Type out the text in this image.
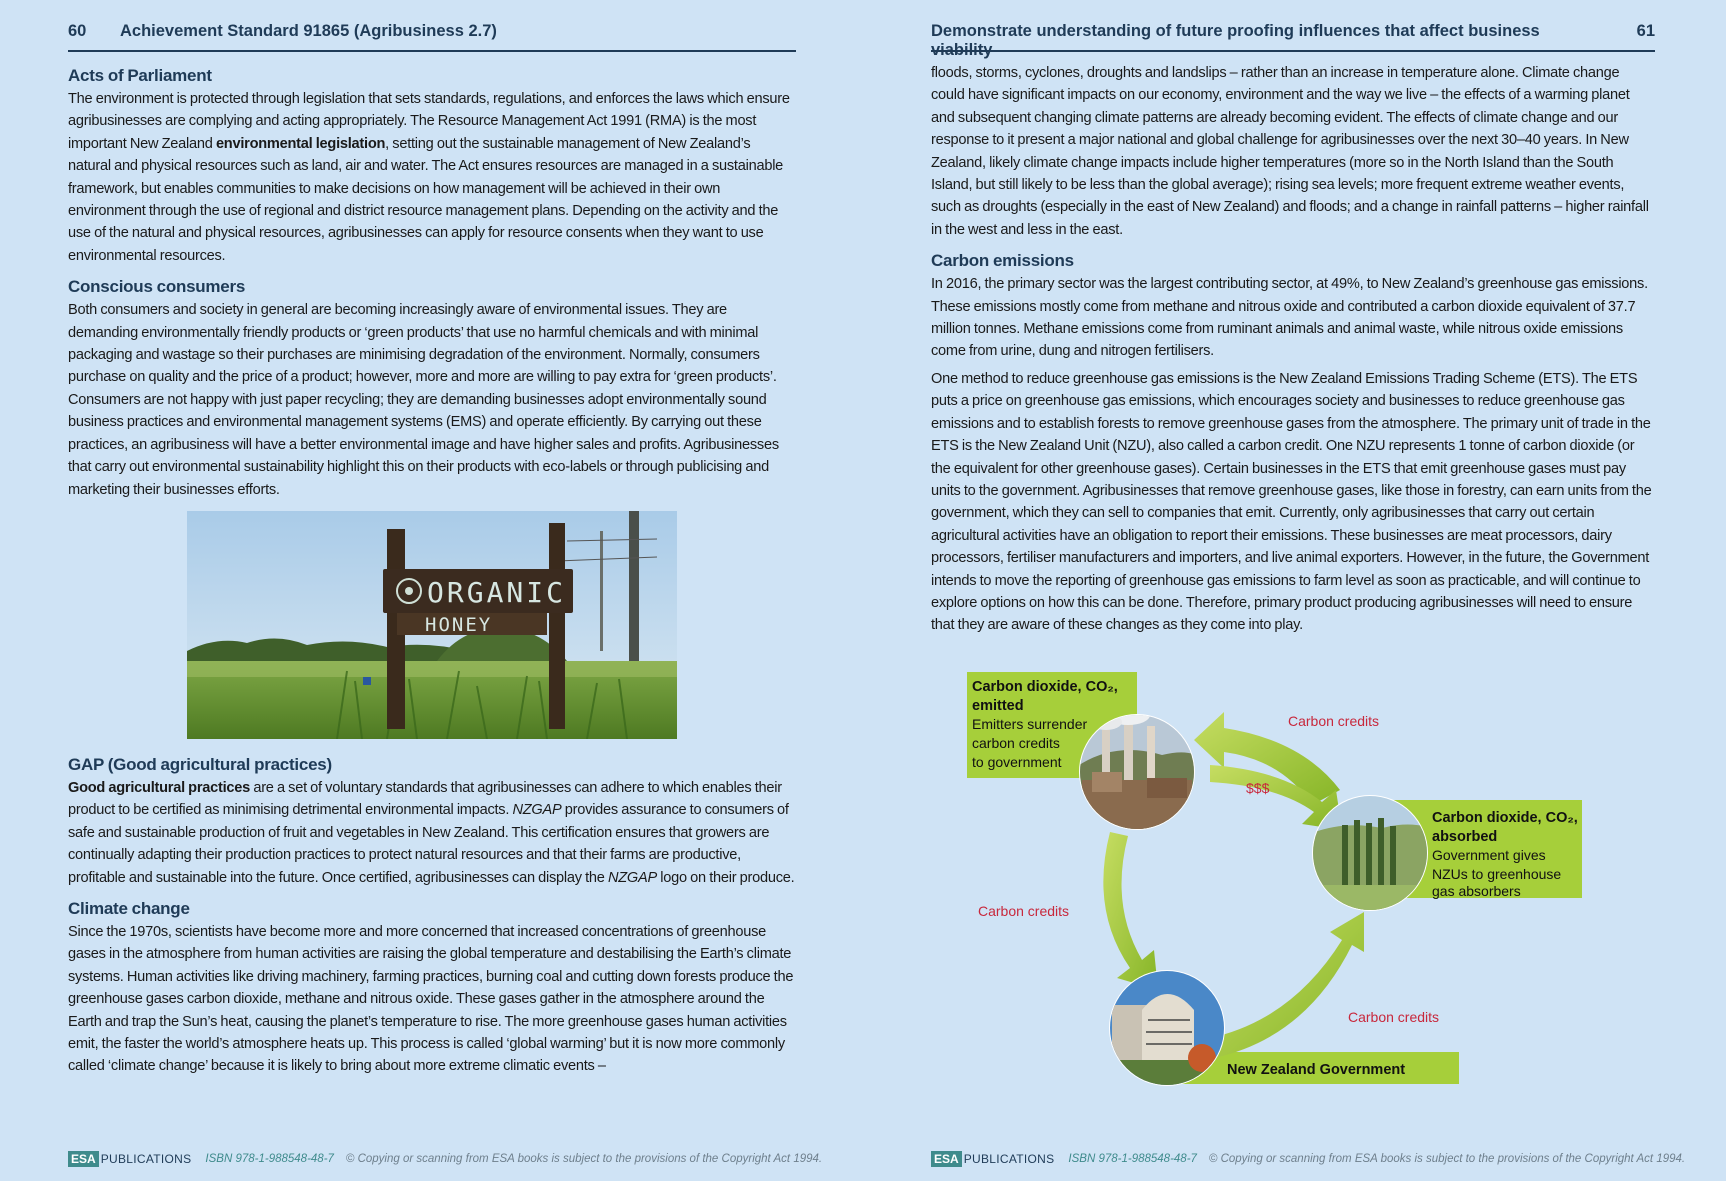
60 Achievement Standard 91865 (Agribusiness 2.7)
Acts of Parliament

The environment is protected through legislation that sets standards, regulations, and enforces the laws which ensure agribusinesses are complying and acting appropriately. The Resource Management Act 1991 (RMA) is the most important New Zealand environmental legislation, setting out the sustainable management of New Zealand’s natural and physical resources such as land, air and water. The Act ensures resources are managed in a sustainable framework, but enables communities to make decisions on how management will be achieved in their own environment through the use of regional and district resource management plans. Depending on the activity and the use of the natural and physical resources, agribusinesses can apply for resource consents when they want to use environmental resources.

Conscious consumers

Both consumers and society in general are becoming increasingly aware of environmental issues. They are demanding environmentally friendly products or ‘green products’ that use no harmful chemicals and with minimal packaging and wastage so their purchases are minimising degradation of the environment. Normally, consumers purchase on quality and the price of a product; however, more and more are willing to pay extra for ‘green products’. Consumers are not happy with just paper recycling; they are demanding businesses adopt environmentally sound business practices and environmental management systems (EMS) and operate efficiently. By carrying out these practices, an agribusiness will have a better environmental image and have higher sales and profits. Agribusinesses that carry out environmental sustainability highlight this on their products with eco-labels or through publicising and marketing their businesses efforts.

ORGANIC
HONEY
GAP (Good agricultural practices)

Good agricultural practices are a set of voluntary standards that agribusinesses can adhere to which enables their product to be certified as minimising detrimental environmental impacts. NZGAP provides assurance to consumers of safe and sustainable production of fruit and vegetables in New Zealand. This certification ensures that growers are continually adapting their production practices to protect natural resources and that their farms are productive, profitable and sustainable into the future. Once certified, agribusinesses can display the NZGAP logo on their produce.

Climate change

Since the 1970s, scientists have become more and more concerned that increased concentrations of greenhouse gases in the atmosphere from human activities are raising the global temperature and destabilising the Earth’s climate systems. Human activities like driving machinery, farming practices, burning coal and cutting down forests produce the greenhouse gases carbon dioxide, methane and nitrous oxide. These gases gather in the atmosphere around the Earth and trap the Sun’s heat, causing the planet’s temperature to rise. The more greenhouse gases human activities emit, the faster the world’s atmosphere heats up. This process is called ‘global warming’ but it is now more commonly called ‘climate change’ because it is likely to bring about more extreme climatic events –

ESA PUBLICATIONS ISBN 978-1-988548-48-7 © Copying or scanning from ESA books is subject to the provisions of the Copyright Act 1994.
Demonstrate understanding of future proofing influences that affect business viability
61

floods, storms, cyclones, droughts and landslips – rather than an increase in temperature alone. Climate change could have significant impacts on our economy, environment and the way we live – the effects of a warming planet and subsequent changing climate patterns are already becoming evident. The effects of climate change and our response to it present a major national and global challenge for agribusinesses over the next 30–40 years. In New Zealand, likely climate change impacts include higher temperatures (more so in the North Island than the South Island, but still likely to be less than the global average); rising sea levels; more frequent extreme weather events, such as droughts (especially in the east of New Zealand) and floods; and a change in rainfall patterns – higher rainfall in the west and less in the east.

Carbon emissions

In 2016, the primary sector was the largest contributing sector, at 49%, to New Zealand’s greenhouse gas emissions. These emissions mostly come from methane and nitrous oxide and contributed a carbon dioxide equivalent of 37.7 million tonnes. Methane emissions come from ruminant animals and animal waste, while nitrous oxide emissions come from urine, dung and nitrogen fertilisers.

One method to reduce greenhouse gas emissions is the New Zealand Emissions Trading Scheme (ETS). The ETS puts a price on greenhouse gas emissions, which encourages society and businesses to reduce greenhouse gas emissions and to establish forests to remove greenhouse gases from the atmosphere. The primary unit of trade in the ETS is the New Zealand Unit (NZU), also called a carbon credit. One NZU represents 1 tonne of carbon dioxide (or the equivalent for other greenhouse gases). Certain businesses in the ETS that emit greenhouse gases must pay units to the government. Agribusinesses that remove greenhouse gases, like those in forestry, can earn units from the government, which they can sell to companies that emit. Currently, only agribusinesses that carry out certain agricultural activities have an obligation to report their emissions. These businesses are meat processors, dairy processors, fertiliser manufacturers and importers, and live animal exporters. However, in the future, the Government intends to move the reporting of greenhouse gas emissions to farm level as soon as practicable, and will continue to explore options on how this can be done. Therefore, primary product producing agribusinesses will need to ensure that they are aware of these changes as they come into play.

ESA PUBLICATIONS ISBN 978-1-988548-48-7 © Copying or scanning from ESA books is subject to the provisions of the Copyright Act 1994.
Carbon dioxide, CO₂,
emitted
Emitters surrender
carbon credits
to government
Carbon dioxide, CO₂,
absorbed
Government gives
NZUs to greenhouse
gas absorbers
New Zealand Government
Carbon credits
$$$
Carbon credits
Carbon credits
